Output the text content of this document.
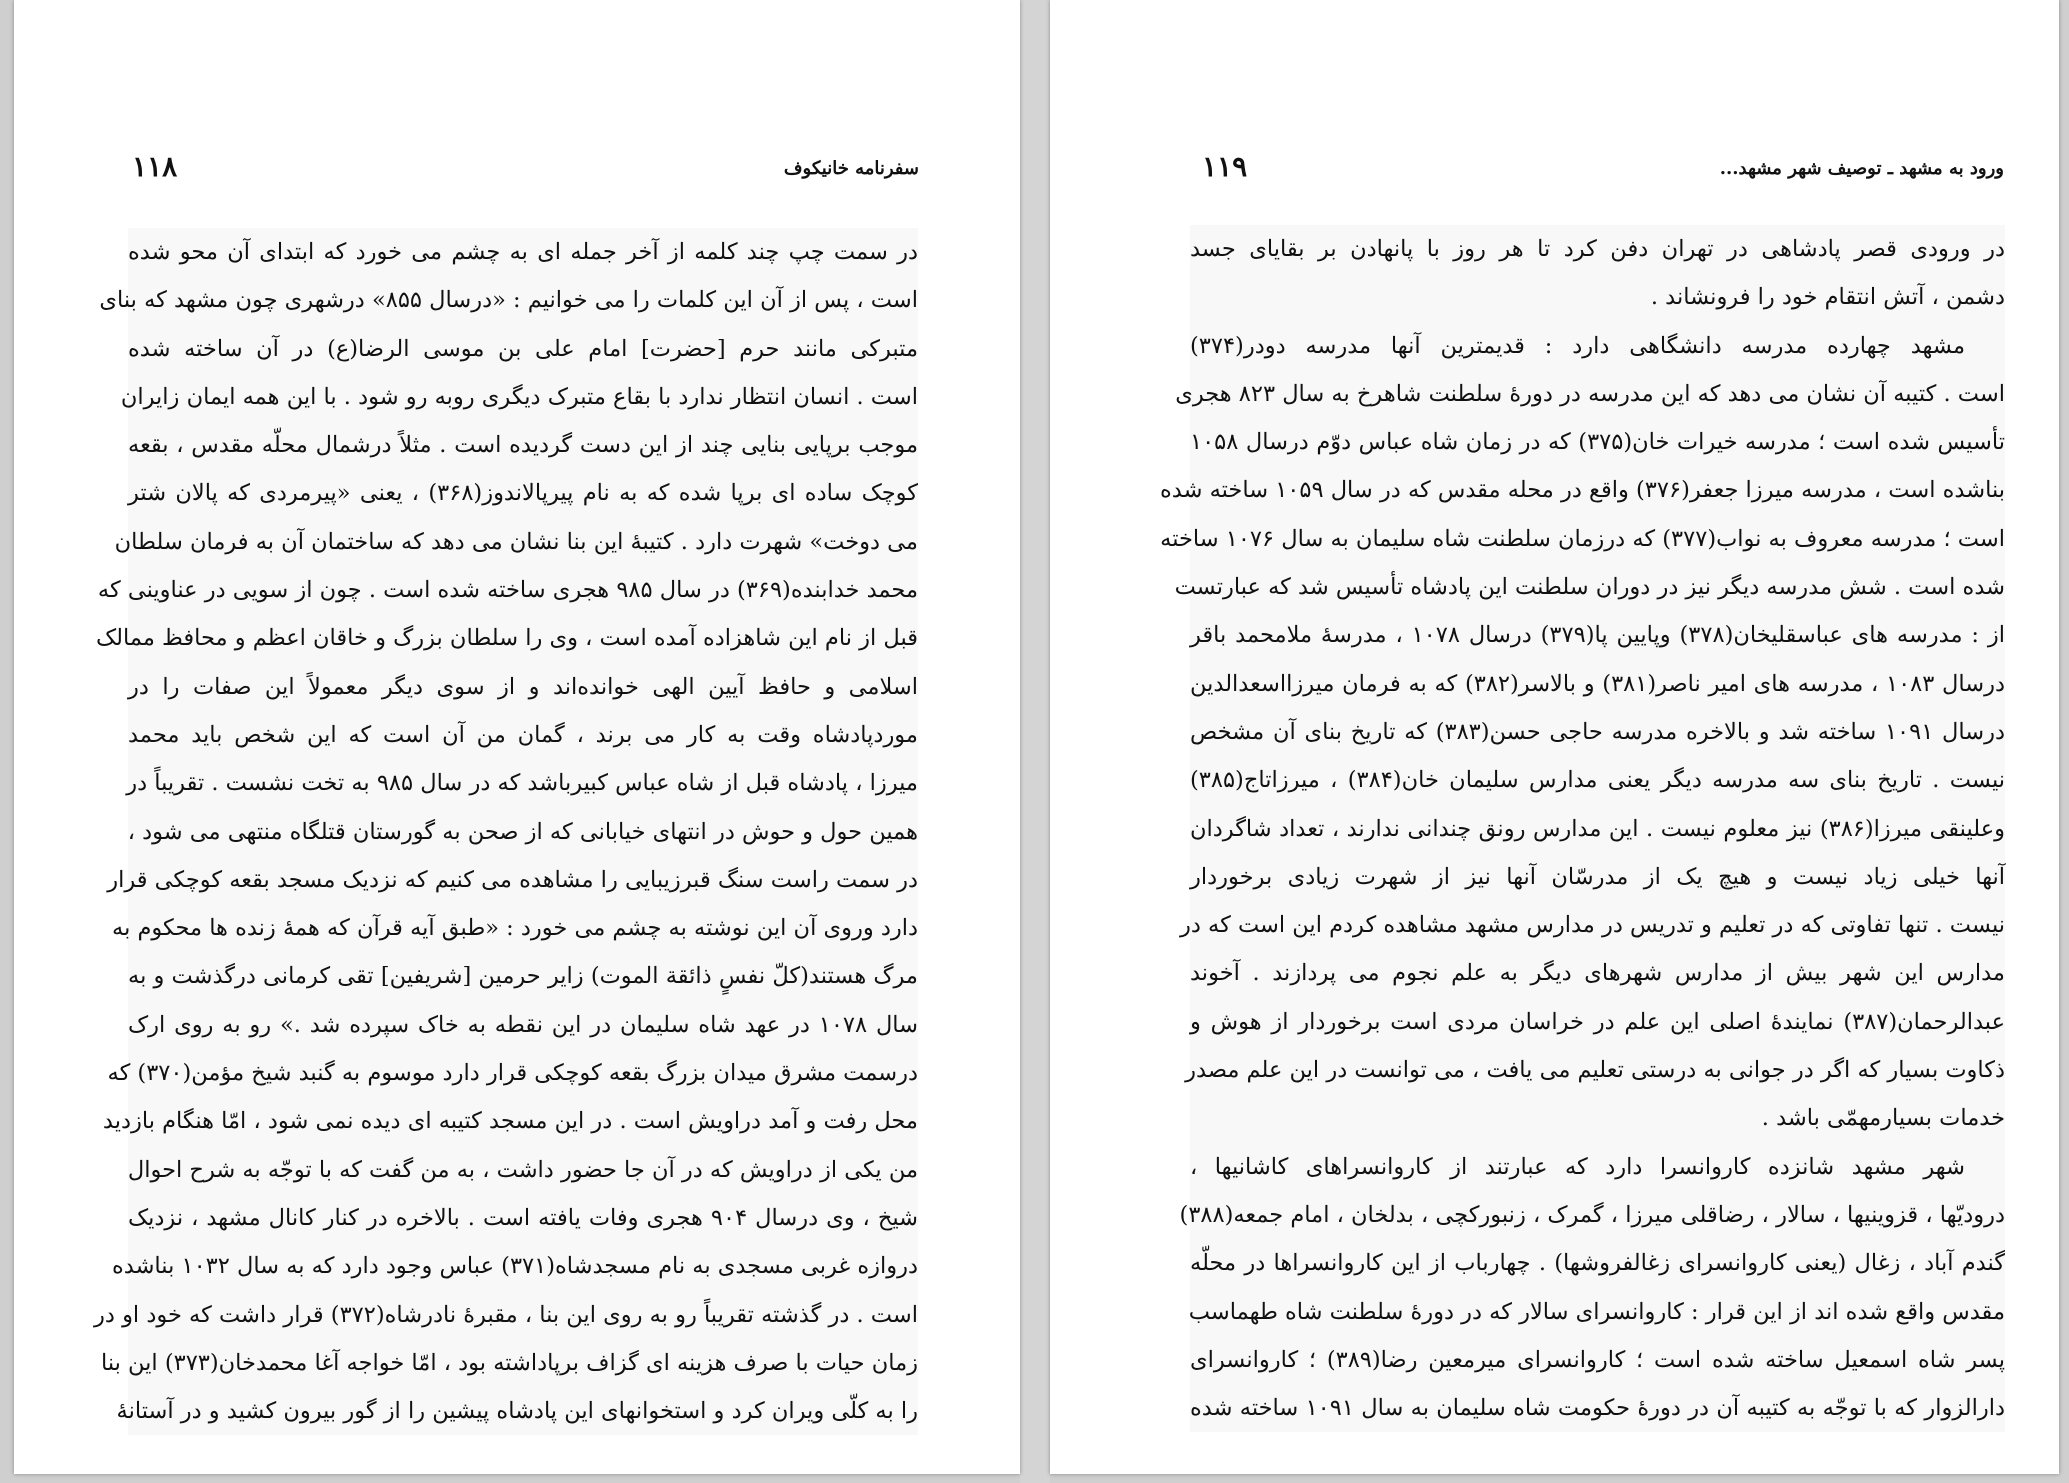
سفرنامه خانیکوف
۱۱۸
در سمت چپ چند کلمه از آخر جمله ای به چشم می خورد که ابتدای آن محو شده
است ، پس از آن این کلمات را می خوانیم : «درسال ۸۵۵» درشهری چون مشهد که بنای
متبرکی مانند حرم [حضرت] امام علی بن موسی الرضا(ع) در آن ساخته شده
است . انسان انتظار ندارد با بقاع متبرک دیگری روبه رو شود . با این همه ایمان زایران
موجب برپایی بنایی چند از این دست گردیده است . مثلاً درشمال محلّه مقدس ، بقعه
کوچک ساده ای برپا شده که به نام پیرپالاندوز(۳۶۸) ، یعنی «پیرمردی که پالان شتر
می دوخت» شهرت دارد . کتیبهٔ این بنا نشان می دهد که ساختمان آن به فرمان سلطان
محمد خدابنده(۳۶۹) در سال ۹۸۵ هجری ساخته شده است . چون از سویی در عناوینی که
قبل از نام این شاهزاده آمده است ، وی را سلطان بزرگ و خاقان اعظم و محافظ ممالک
اسلامی و حافظ آیین الهی خوانده‌اند و از سوی دیگر معمولاً این صفات را در
موردپادشاه وقت به کار می برند ، گمان من آن است که این شخص باید محمد
میرزا ، پادشاه قبل از شاه عباس کبیرباشد که در سال ۹۸۵ به تخت نشست . تقریباً در
همین حول و حوش در انتهای خیابانی که از صحن به گورستان قتلگاه منتهی می شود ،
در سمت راست سنگ قبرزیبایی را مشاهده می کنیم که نزدیک مسجد بقعه کوچکی قرار
دارد وروی آن این نوشته به چشم می خورد : «طبق آیه قرآن که همهٔ زنده ها محکوم به
مرگ هستند(کلّ نفسٍ ذائقة الموت) زایر حرمین [شریفین] تقی کرمانی درگذشت و به
سال ۱۰۷۸ در عهد شاه سلیمان در این نقطه به خاک سپرده شد .» رو به روی ارک
درسمت مشرق میدان بزرگ بقعه کوچکی قرار دارد موسوم به گنبد شیخ مؤمن(۳۷۰) که
محل رفت و آمد دراویش است . در این مسجد کتیبه ای دیده نمی شود ، امّا هنگام بازدید
من یکی از دراویش که در آن جا حضور داشت ، به من گفت که با توجّه به شرح احوال
شیخ ، وی درسال ۹۰۴ هجری وفات یافته است . بالاخره در کنار کانال مشهد ، نزدیک
دروازه غربی مسجدی به نام مسجدشاه(۳۷۱) عباس وجود دارد که به سال ۱۰۳۲ بناشده
است . در گذشته تقریباً رو به روی این بنا ، مقبرهٔ نادرشاه(۳۷۲) قرار داشت که خود او در
زمان حیات با صرف هزینه ای گزاف برپاداشته بود ، امّا خواجه آغا محمدخان(۳۷۳) این بنا
را به کلّی ویران کرد و استخوانهای این پادشاه پیشین را از گور بیرون کشید و در آستانهٔ
ورود به مشهد ـ توصیف شهر مشهد...
۱۱۹
در ورودی قصر پادشاهی در تهران دفن کرد تا هر روز با پانهادن بر بقایای جسد
دشمن ، آتش انتقام خود را فرونشاند .
مشهد چهارده مدرسه دانشگاهی دارد : قدیمترین آنها مدرسه دودر(۳۷۴)
است . کتیبه آن نشان می دهد که این مدرسه در دورهٔ سلطنت شاهرخ به سال ۸۲۳ هجری
تأسیس شده است ؛ مدرسه خیرات خان(۳۷۵) که در زمان شاه عباس دوّم درسال ۱۰۵۸
بناشده است ، مدرسه میرزا جعفر(۳۷۶) واقع در محله مقدس که در سال ۱۰۵۹ ساخته شده
است ؛ مدرسه معروف به نواب(۳۷۷) که درزمان سلطنت شاه سلیمان به سال ۱۰۷۶ ساخته
شده است . شش مدرسه دیگر نیز در دوران سلطنت این پادشاه تأسیس شد که عبارتست
از : مدرسه های عباسقلیخان(۳۷۸) وپایین پا(۳۷۹) درسال ۱۰۷۸ ، مدرسهٔ ملامحمد باقر
درسال ۱۰۸۳ ، مدرسه های امیر ناصر(۳۸۱) و بالاسر(۳۸۲) که به فرمان میرزااسعدالدین
درسال ۱۰۹۱ ساخته شد و بالاخره مدرسه حاجی حسن(۳۸۳) که تاریخ بنای آن مشخص
نیست . تاریخ بنای سه مدرسه دیگر یعنی مدارس سلیمان خان(۳۸۴) ، میرزاتاج(۳۸۵)
وعلینقی میرزا(۳۸۶) نیز معلوم نیست . این مدارس رونق چندانی ندارند ، تعداد شاگردان
آنها خیلی زیاد نیست و هیچ یک از مدرسّان آنها نیز از شهرت زیادی برخوردار
نیست . تنها تفاوتی که در تعلیم و تدریس در مدارس مشهد مشاهده کردم این است که در
مدارس این شهر بیش از مدارس شهرهای دیگر به علم نجوم می پردازند . آخوند
عبدالرحمان(۳۸۷) نمایندهٔ اصلی این علم در خراسان مردی است برخوردار از هوش و
ذکاوت بسیار که اگر در جوانی به درستی تعلیم می یافت ، می توانست در این علم مصدر
خدمات بسیارمهمّی باشد .
شهر مشهد شانزده کاروانسرا دارد که عبارتند از کاروانسراهای کاشانیها ،
درودیّها ، قزوینیها ، سالار ، رضاقلی میرزا ، گمرک ، زنبورکچی ، بدلخان ، امام جمعه(۳۸۸)
گندم آباد ، زغال (یعنی کاروانسرای زغالفروشها) . چهارباب از این کاروانسراها در محلّه
مقدس واقع شده اند از این قرار : کاروانسرای سالار که در دورهٔ سلطنت شاه طهماسب
پسر شاه اسمعیل ساخته شده است ؛ کاروانسرای میرمعین رضا(۳۸۹) ؛ کاروانسرای
دارالزوار که با توجّه به کتیبه آن در دورهٔ حکومت شاه سلیمان به سال ۱۰۹۱ ساخته شده
